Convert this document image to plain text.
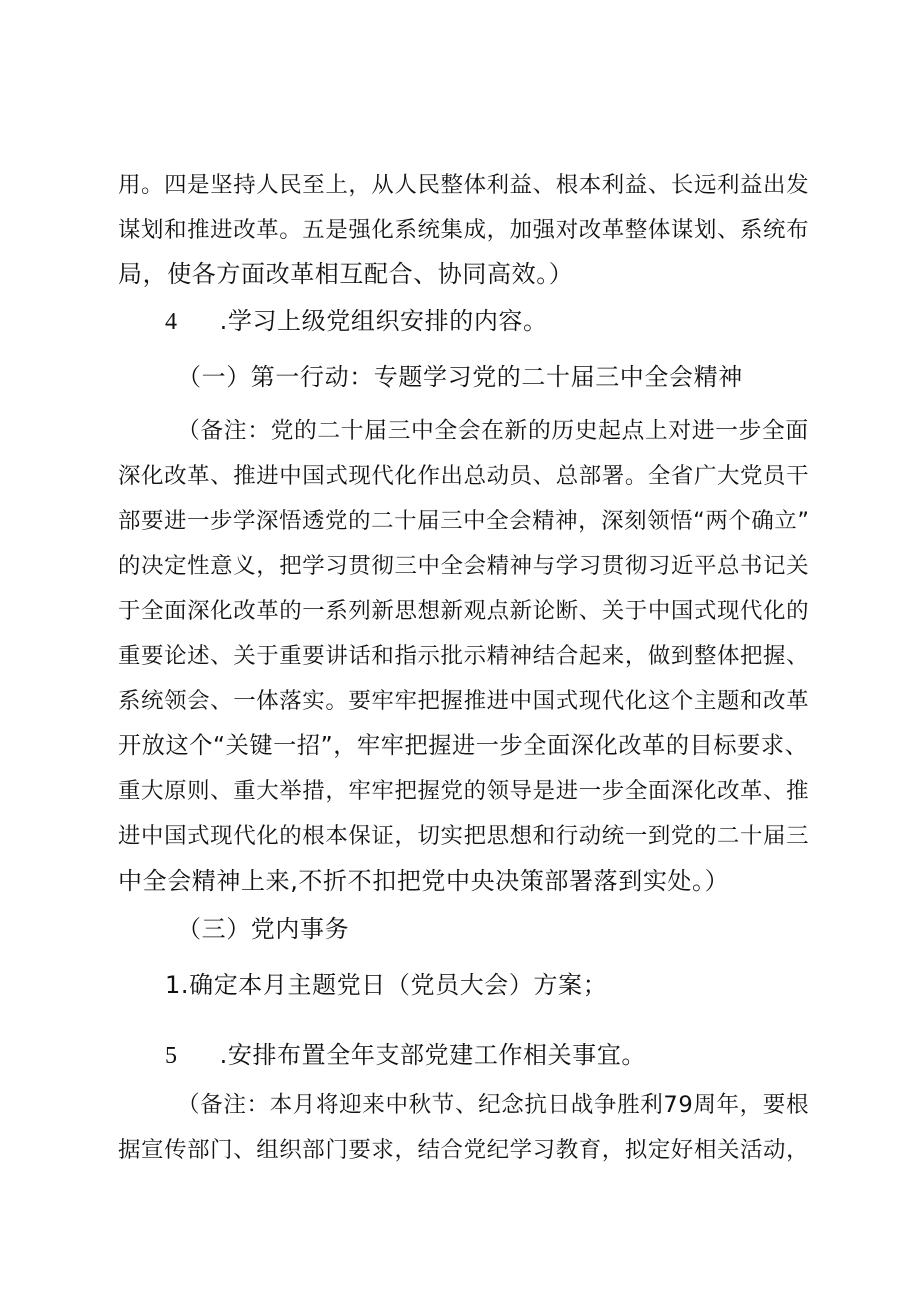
用。四是坚持人民至上，从人民整体利益、根本利益、长远利益出发
谋划和推进改革。五是强化系统集成，加强对改革整体谋划、系统布
局，使各方面改革相互配合、协同高效。）
4 .学习上级党组织安排的内容。
（一）第一行动：专题学习党的二十届三中全会精神
（备注：党的二十届三中全会在新的历史起点上对进一步全面
深化改革、推进中国式现代化作出总动员、总部署。全省广大党员干
部要进一步学深悟透党的二十届三中全会精神，深刻领悟“两个确立”
的决定性意义，把学习贯彻三中全会精神与学习贯彻习近平总书记关
于全面深化改革的一系列新思想新观点新论断、关于中国式现代化的
重要论述、关于重要讲话和指示批示精神结合起来，做到整体把握、
系统领会、一体落实。要牢牢把握推进中国式现代化这个主题和改革
开放这个“关键一招”，牢牢把握进一步全面深化改革的目标要求、
重大原则、重大举措，牢牢把握党的领导是进一步全面深化改革、推
进中国式现代化的根本保证，切实把思想和行动统一到党的二十届三
中全会精神上来,不折不扣把党中央决策部署落到实处。）
（三）党内事务
1.确定本月主题党日（党员大会）方案；
5 .安排布置全年支部党建工作相关事宜。
（备注：本月将迎来中秋节、纪念抗日战争胜利79周年，要根
据宣传部门、组织部门要求，结合党纪学习教育，拟定好相关活动，
